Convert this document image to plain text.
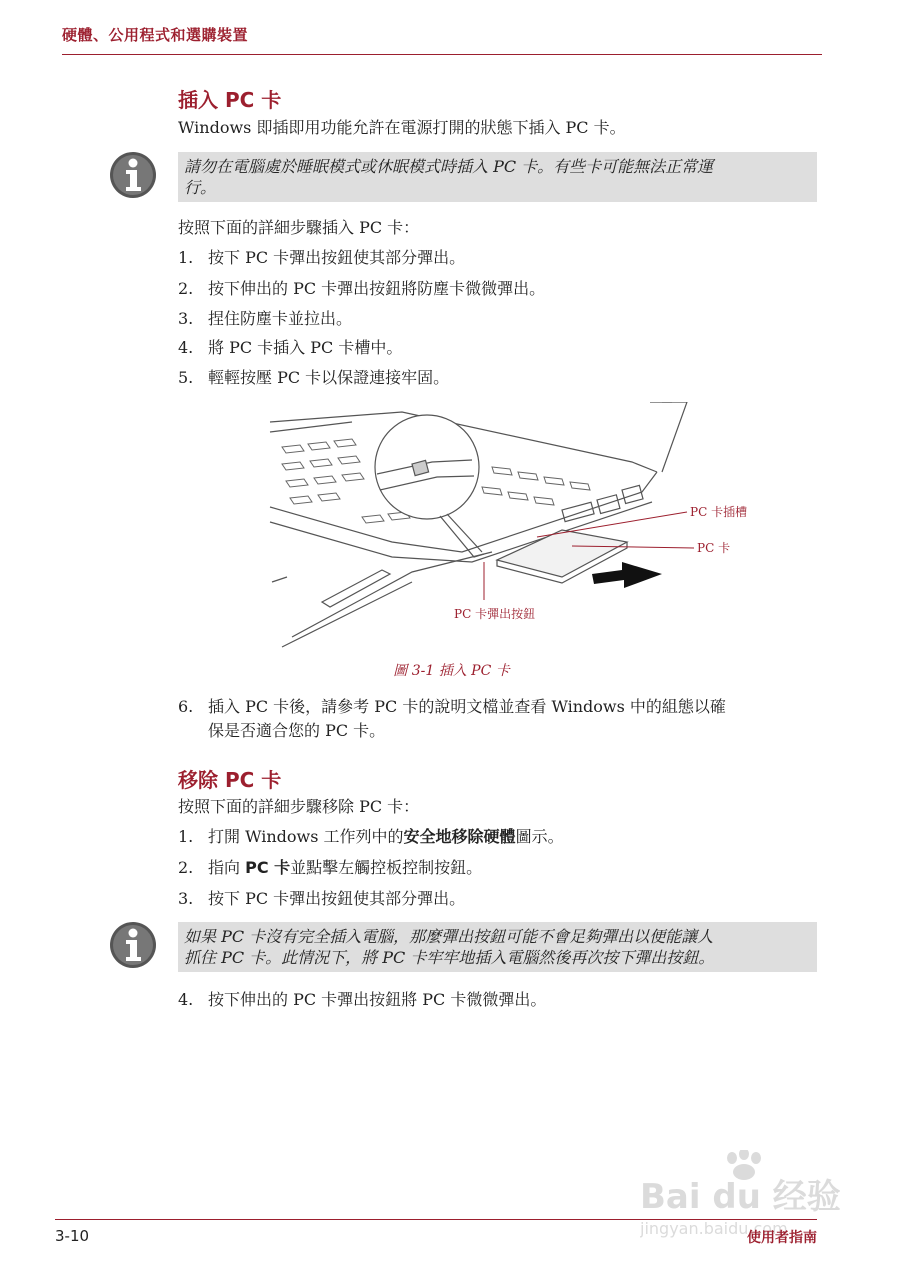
硬體、公用程式和選購裝置
插入 PC 卡
Windows 即插即用功能允許在電源打開的狀態下插入 PC 卡。
請勿在電腦處於睡眠模式或休眠模式時插入 PC 卡。有些卡可能無法正常運
行。
按照下面的詳細步驟插入 PC 卡：
1. 按下 PC 卡彈出按鈕使其部分彈出。
2. 按下伸出的 PC 卡彈出按鈕將防塵卡微微彈出。
3. 捏住防塵卡並拉出。
4. 將 PC 卡插入 PC 卡槽中。
5. 輕輕按壓 PC 卡以保證連接牢固。
PC 卡插槽
PC 卡
PC 卡彈出按鈕
圖 3-1 插入 PC 卡
6. 插入 PC 卡後，請參考 PC 卡的說明文檔並查看 Windows 中的組態以確
保是否適合您的 PC 卡。
移除 PC 卡
按照下面的詳細步驟移除 PC 卡：
1. 打開 Windows 工作列中的安全地移除硬體圖示。
2. 指向 PC 卡並點擊左觸控板控制按鈕。
3. 按下 PC 卡彈出按鈕使其部分彈出。
如果 PC 卡沒有完全插入電腦，那麼彈出按鈕可能不會足夠彈出以便能讓人
抓住 PC 卡。此情況下，將 PC 卡牢牢地插入電腦然後再次按下彈出按鈕。
4. 按下伸出的 PC 卡彈出按鈕將 PC 卡微微彈出。
Bai du 经验
jingyan.baidu.com
3-10	使用者指南
